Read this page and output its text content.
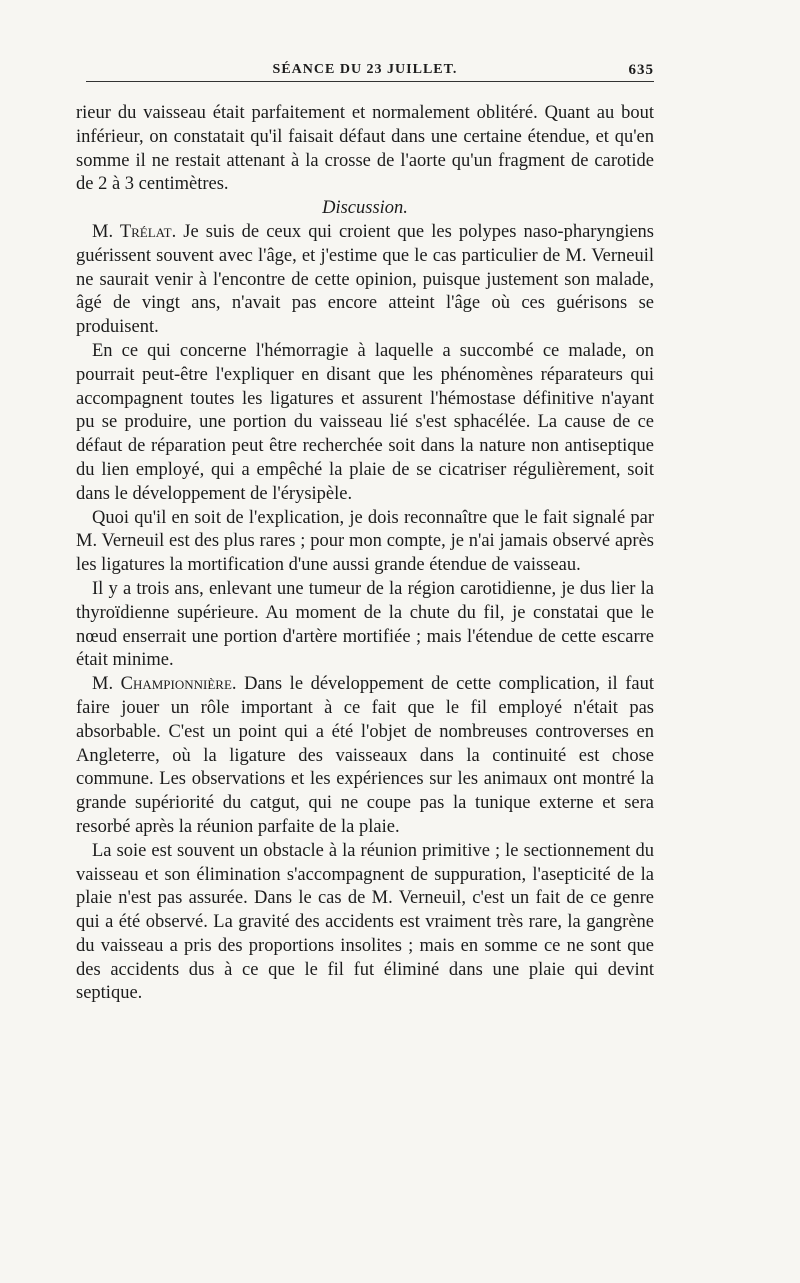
SÉANCE DU 23 JUILLET.	635

rieur du vaisseau était parfaitement et normalement oblitéré. Quant au bout inférieur, on constatait qu'il faisait défaut dans une certaine étendue, et qu'en somme il ne restait attenant à la crosse de l'aorte qu'un fragment de carotide de 2 à 3 centimètres.

Discussion.

M. Trélat. Je suis de ceux qui croient que les polypes naso-pharyngiens guérissent souvent avec l'âge, et j'estime que le cas particulier de M. Verneuil ne saurait venir à l'encontre de cette opinion, puisque justement son malade, âgé de vingt ans, n'avait pas encore atteint l'âge où ces guérisons se produisent.

En ce qui concerne l'hémorragie à laquelle a succombé ce malade, on pourrait peut-être l'expliquer en disant que les phénomènes réparateurs qui accompagnent toutes les ligatures et assurent l'hémostase définitive n'ayant pu se produire, une portion du vaisseau lié s'est sphacélée. La cause de ce défaut de réparation peut être recherchée soit dans la nature non antiseptique du lien employé, qui a empêché la plaie de se cicatriser régulièrement, soit dans le développement de l'érysipèle.

Quoi qu'il en soit de l'explication, je dois reconnaître que le fait signalé par M. Verneuil est des plus rares ; pour mon compte, je n'ai jamais observé après les ligatures la mortification d'une aussi grande étendue de vaisseau.

Il y a trois ans, enlevant une tumeur de la région carotidienne, je dus lier la thyroïdienne supérieure. Au moment de la chute du fil, je constatai que le nœud enserrait une portion d'artère mortifiée ; mais l'étendue de cette escarre était minime.

M. Championnière. Dans le développement de cette complication, il faut faire jouer un rôle important à ce fait que le fil employé n'était pas absorbable. C'est un point qui a été l'objet de nombreuses controverses en Angleterre, où la ligature des vaisseaux dans la continuité est chose commune. Les observations et les expériences sur les animaux ont montré la grande supériorité du catgut, qui ne coupe pas la tunique externe et sera resorbé après la réunion parfaite de la plaie.

La soie est souvent un obstacle à la réunion primitive ; le sectionnement du vaisseau et son élimination s'accompagnent de suppuration, l'asepticité de la plaie n'est pas assurée. Dans le cas de M. Verneuil, c'est un fait de ce genre qui a été observé. La gravité des accidents est vraiment très rare, la gangrène du vaisseau a pris des proportions insolites ; mais en somme ce ne sont que des accidents dus à ce que le fil fut éliminé dans une plaie qui devint septique.
